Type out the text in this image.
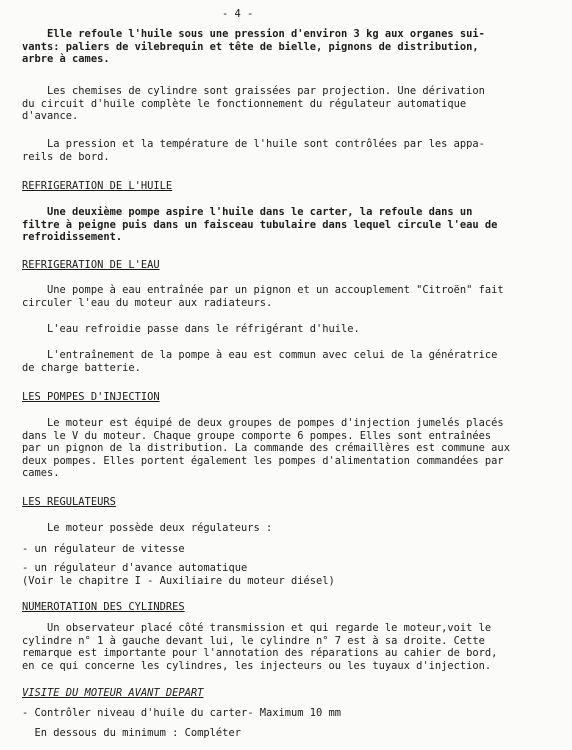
- 4 -
Elle refoule l'huile sous une pression d'environ 3 kg aux organes sui-
vants: paliers de vilebrequin et tête de bielle, pignons de distribution,
arbre à cames.
Les chemises de cylindre sont graissées par projection. Une dérivation
du circuit d'huile complète le fonctionnement du régulateur automatique
d'avance.
La pression et la température de l'huile sont contrôlées par les appa-
reils de bord.
REFRIGERATION DE L'HUILE
Une deuxième pompe aspire l'huile dans le carter, la refoule dans un
filtre à peigne puis dans un faisceau tubulaire dans lequel circule l'eau de
refroidissement.
REFRIGERATION DE L'EAU
Une pompe à eau entraînée par un pignon et un accouplement "Citroën" fait
circuler l'eau du moteur aux radiateurs.
L'eau refroidie passe dans le réfrigérant d'huile.
L'entraînement de la pompe à eau est commun avec celui de la génératrice
de charge batterie.
LES POMPES D'INJECTION
Le moteur est équipé de deux groupes de pompes d'injection jumelés placés
dans le V du moteur. Chaque groupe comporte 6 pompes. Elles sont entraînées
par un pignon de la distribution. La commande des crémaillères est commune aux
deux pompes. Elles portent également les pompes d'alimentation commandées par
cames.
LES REGULATEURS
Le moteur possède deux régulateurs :
- un régulateur de vitesse
- un régulateur d'avance automatique
(Voir le chapitre I - Auxiliaire du moteur diésel)
NUMEROTATION DES CYLINDRES
Un observateur placé côté transmission et qui regarde le moteur,voit le
cylindre n° 1 à gauche devant lui, le cylindre n° 7 est à sa droite. Cette
remarque est importante pour l'annotation des réparations au cahier de bord,
en ce qui concerne les cylindres, les injecteurs ou les tuyaux d'injection.
VISITE DU MOTEUR AVANT DEPART
- Contrôler niveau d'huile du carter- Maximum 10 mm
En dessous du minimum : Compléter
